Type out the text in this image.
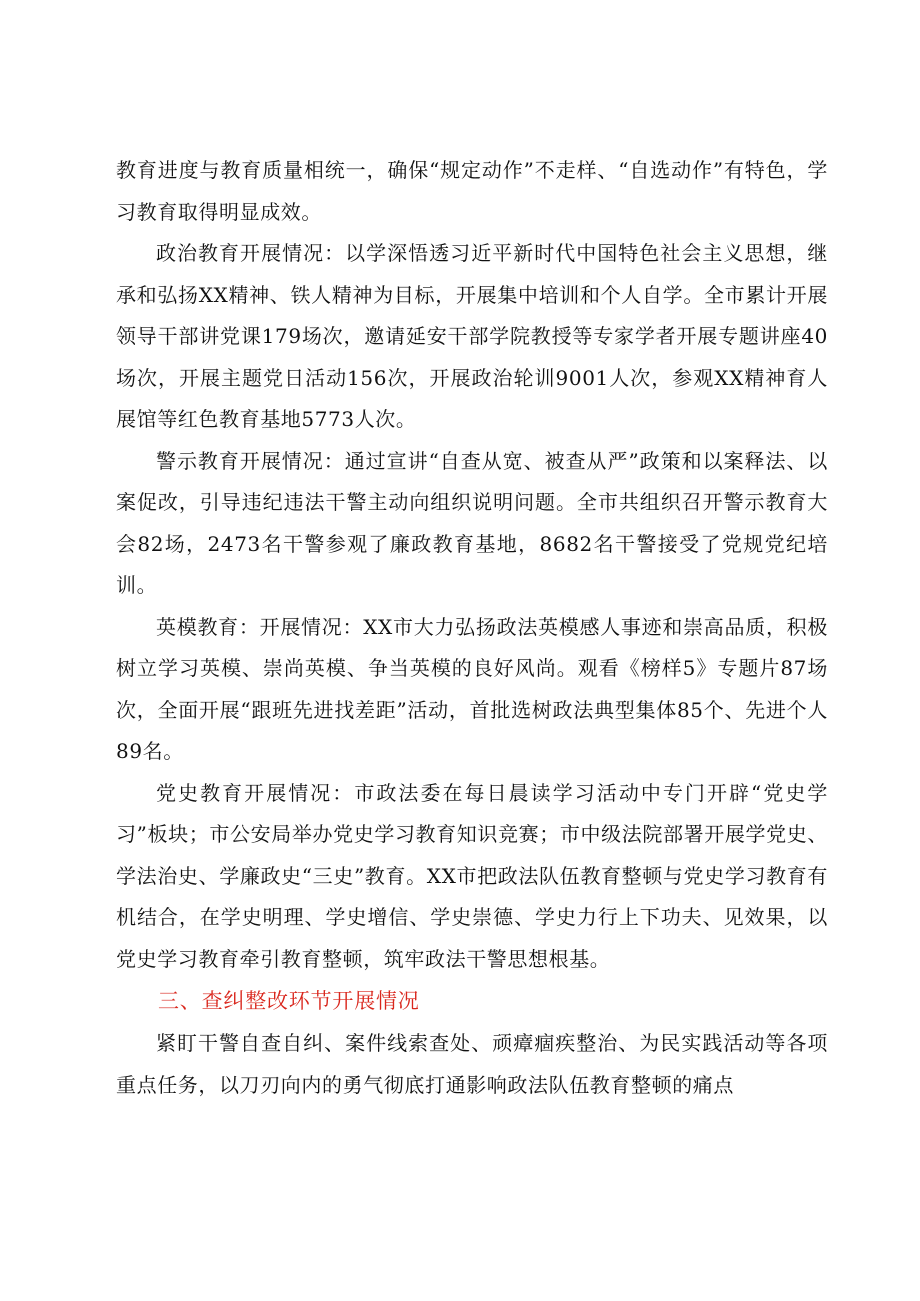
教育进度与教育质量相统一，确保“规定动作”不走样、“自选动作”有特色，学习教育取得明显成效。

政治教育开展情况：以学深悟透习近平新时代中国特色社会主义思想，继承和弘扬XX精神、铁人精神为目标，开展集中培训和个人自学。全市累计开展领导干部讲党课179场次，邀请延安干部学院教授等专家学者开展专题讲座40场次，开展主题党日活动156次，开展政治轮训9001人次，参观XX精神育人展馆等红色教育基地5773人次。

警示教育开展情况：通过宣讲“自查从宽、被查从严”政策和以案释法、以案促改，引导违纪违法干警主动向组织说明问题。全市共组织召开警示教育大会82场，2473名干警参观了廉政教育基地，8682名干警接受了党规党纪培训。

英模教育：开展情况：XX市大力弘扬政法英模感人事迹和崇高品质，积极树立学习英模、崇尚英模、争当英模的良好风尚。观看《榜样5》专题片87场次，全面开展“跟班先进找差距”活动，首批选树政法典型集体85个、先进个人89名。

党史教育开展情况：市政法委在每日晨读学习活动中专门开辟“党史学习”板块；市公安局举办党史学习教育知识竞赛；市中级法院部署开展学党史、学法治史、学廉政史“三史”教育。XX市把政法队伍教育整顿与党史学习教育有机结合，在学史明理、学史增信、学史崇德、学史力行上下功夫、见效果，以党史学习教育牵引教育整顿，筑牢政法干警思想根基。

三、查纠整改环节开展情况

紧盯干警自查自纠、案件线索查处、顽瘴痼疾整治、为民实践活动等各项重点任务，以刀刃向内的勇气彻底打通影响政法队伍教育整顿的痛点
